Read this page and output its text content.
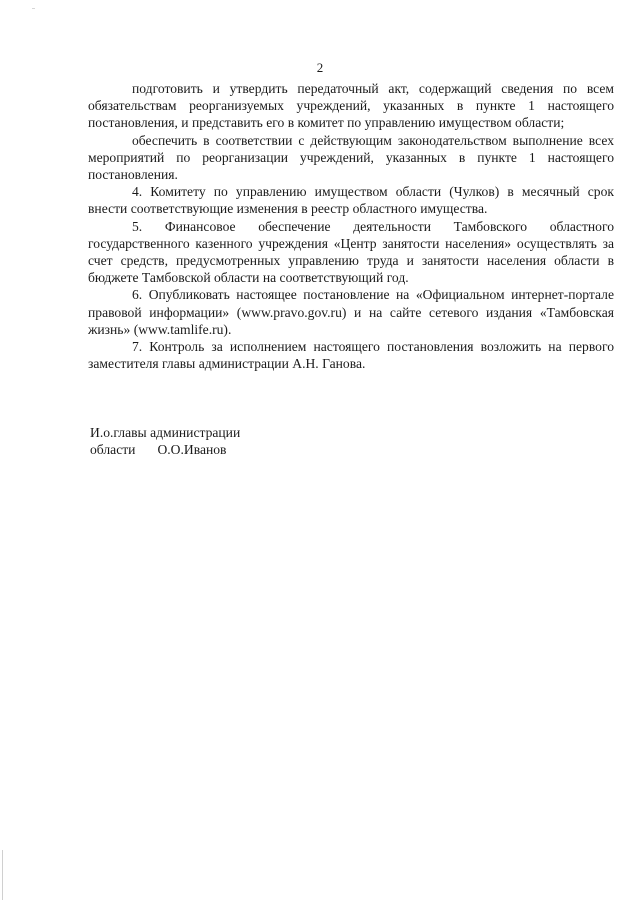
2

подготовить и утвердить передаточный акт, содержащий сведения по всем обязательствам реорганизуемых учреждений, указанных в пункте 1 настоящего постановления, и представить его в комитет по управлению имуществом области;

обеспечить в соответствии с действующим законодательством выполнение всех мероприятий по реорганизации учреждений, указанных в пункте 1 настоящего постановления.

4. Комитету по управлению имуществом области (Чулков) в месячный срок внести соответствующие изменения в реестр областного имущества.

5. Финансовое обеспечение деятельности Тамбовского областного государственного казенного учреждения «Центр занятости населения» осуществлять за счет средств, предусмотренных управлению труда и занятости населения области в бюджете Тамбовской области на соответствующий год.

6. Опубликовать настоящее постановление на «Официальном интернет-портале правовой информации» (www.pravo.gov.ru) и на сайте сетевого издания «Тамбовская жизнь» (www.tamlife.ru).

7. Контроль за исполнением настоящего постановления возложить на первого заместителя главы администрации А.Н. Ганова.

И.о.главы администрации
области О.О.Иванов
